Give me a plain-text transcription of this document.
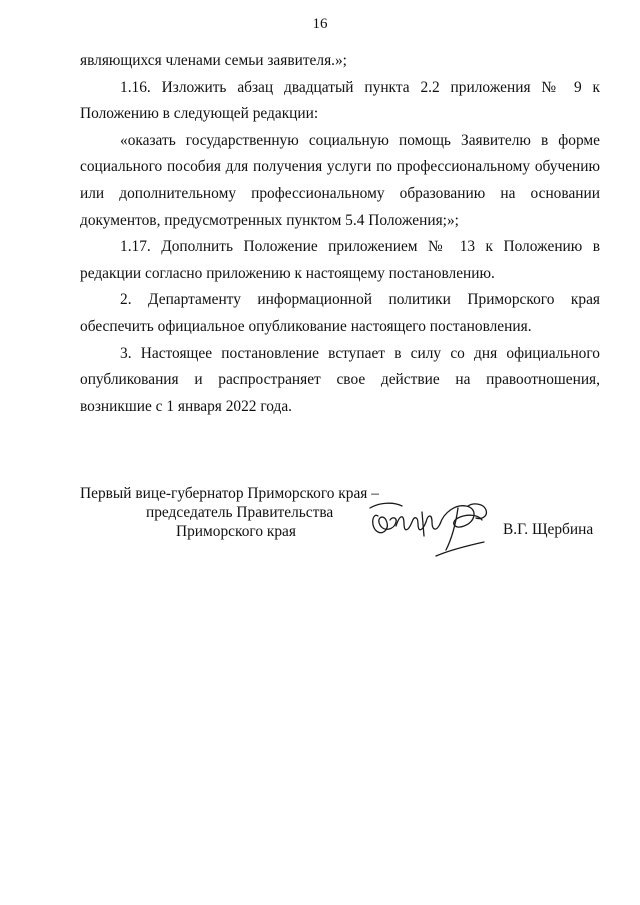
16

являющихся членами семьи заявителя.»;

1.16. Изложить абзац двадцатый пункта 2.2 приложения № 9 к Положению в следующей редакции:

«оказать государственную социальную помощь Заявителю в форме социального пособия для получения услуги по профессиональному обучению или дополнительному профессиональному образованию на основании документов, предусмотренных пунктом 5.4 Положения;»;

1.17. Дополнить Положение приложением № 13 к Положению в редакции согласно приложению к настоящему постановлению.

2. Департаменту информационной политики Приморского края обеспечить официальное опубликование настоящего постановления.

3. Настоящее постановление вступает в силу со дня официального опубликования и распространяет свое действие на правоотношения, возникшие с 1 января 2022 года.

Первый вице-губернатор Приморского края –
председатель Правительства
Приморского края	В.Г. Щербина
